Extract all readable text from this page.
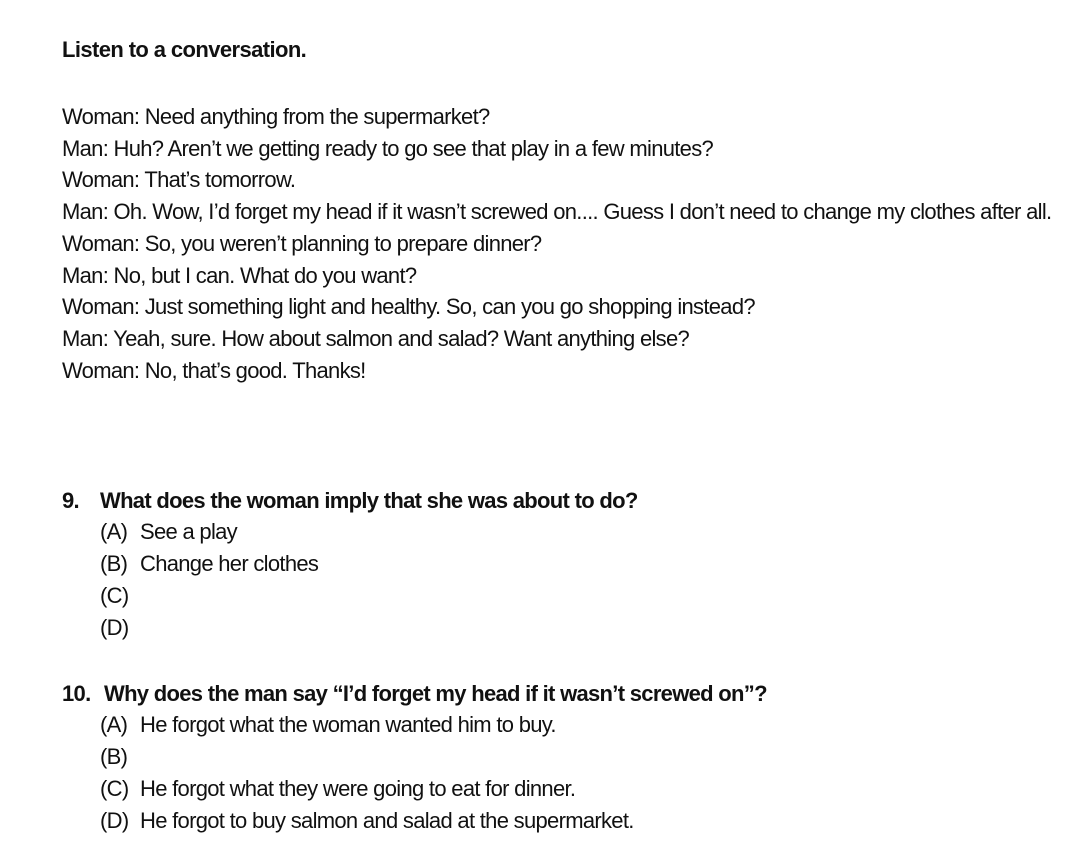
Listen to a conversation.
Woman: Need anything from the supermarket?
Man: Huh? Aren’t we getting ready to go see that play in a few minutes?
Woman: That’s tomorrow.
Man: Oh. Wow, I’d forget my head if it wasn’t screwed on.... Guess I don’t need to change my clothes after all.
Woman: So, you weren’t planning to prepare dinner?
Man: No, but I can. What do you want?
Woman: Just something light and healthy. So, can you go shopping instead?
Man: Yeah, sure. How about salmon and salad? Want anything else?
Woman: No, that’s good. Thanks!
9. What does the woman imply that she was about to do?
(A) See a play
(B) Change her clothes
(C)
(D)
10. Why does the man say “I’d forget my head if it wasn’t screwed on”?
(A) He forgot what the woman wanted him to buy.
(B)
(C) He forgot what they were going to eat for dinner.
(D) He forgot to buy salmon and salad at the supermarket.
